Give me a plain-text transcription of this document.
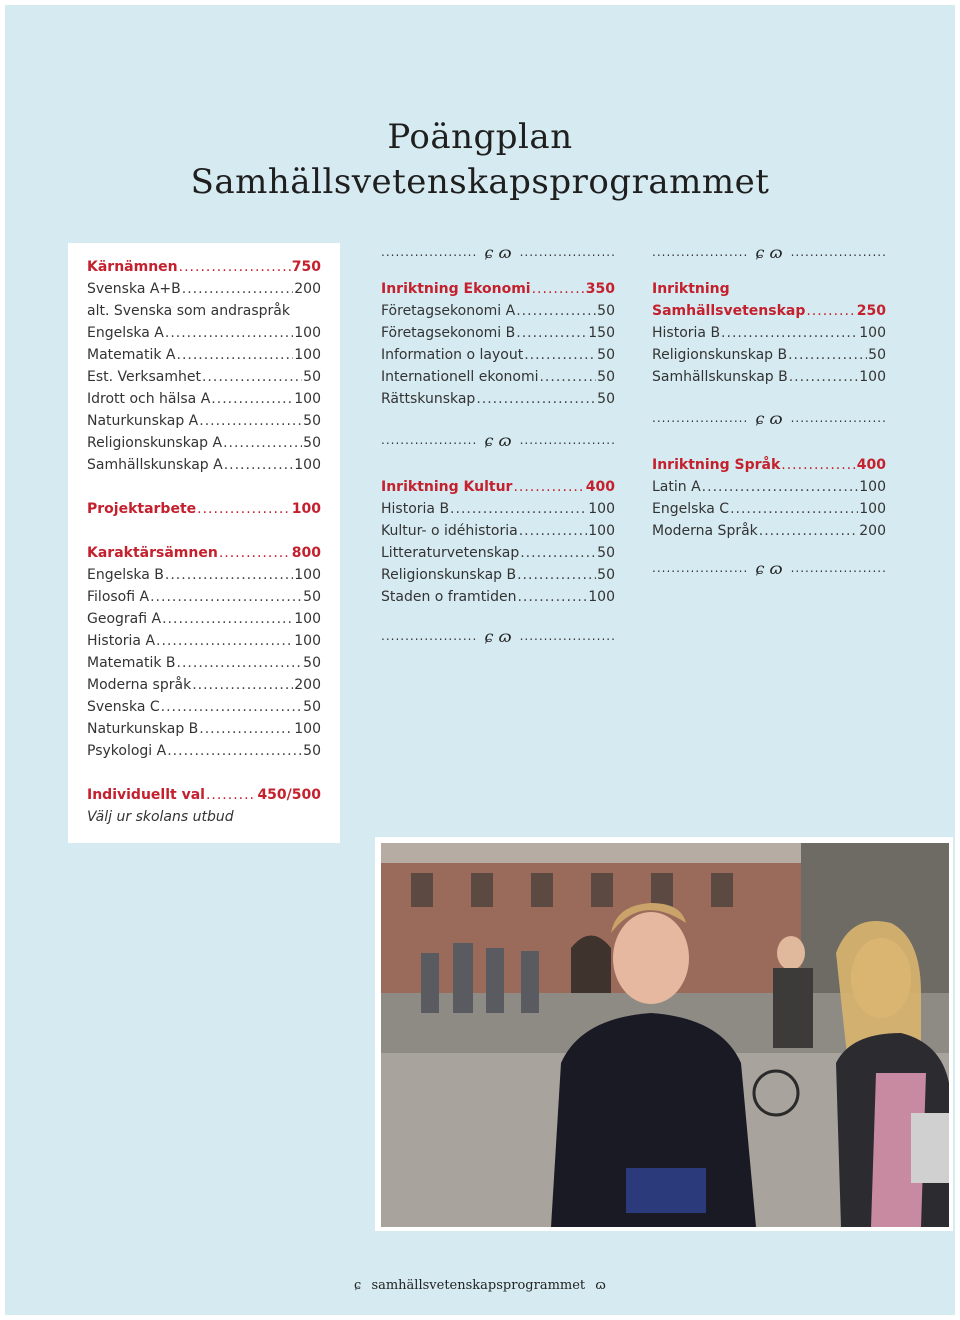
Poängplan
Samhällsvetenskapsprogrammet
Kärnämnen .....	750
Svenska A+B .....	200
alt. Svenska som andraspråk
Engelska A .....	100
Matematik A .....	100
Est. Verksamhet .....	50
Idrott och hälsa A .....	100
Naturkunskap A .....	50
Religionskunskap A .....	50
Samhällskunskap A .....	100
Projektarbete .....	100
Karaktärsämnen .....	800
Engelska B .....	100
Filosofi A .....	50
Geografi A .....	100
Historia A .....	100
Matematik B .....	50
Moderna språk .....	200
Svenska C .....	50
Naturkunskap B .....	100
Psykologi A .....	50
Individuellt val .....	450/500
Välj ur skolans utbud
.....
ɕ ɷ
.....
Inriktning Ekonomi .....	350
Företagsekonomi A .....	50
Företagsekonomi B .....	150
Information o layout .....	50
Internationell ekonomi .....	50
Rättskunskap .....	50
.....
ɕ ɷ
.....
Inriktning Kultur .....	400
Historia B .....	100
Kultur- o idéhistoria .....	100
Litteraturvetenskap .....	50
Religionskunskap B .....	50
Staden o framtiden .....	100
.....
ɕ ɷ
.....
.....
ɕ ɷ
.....
Inriktning
Samhällsvetenskap .....	250
Historia B .....	100
Religionskunskap B .....	50
Samhällskunskap B .....	100
.....
ɕ ɷ
.....
Inriktning Språk .....	400
Latin A .....	100
Engelska C .....	100
Moderna Språk .....	200
.....
ɕ ɷ
.....
ɕ samhällsvetenskapsprogrammet ɷ
